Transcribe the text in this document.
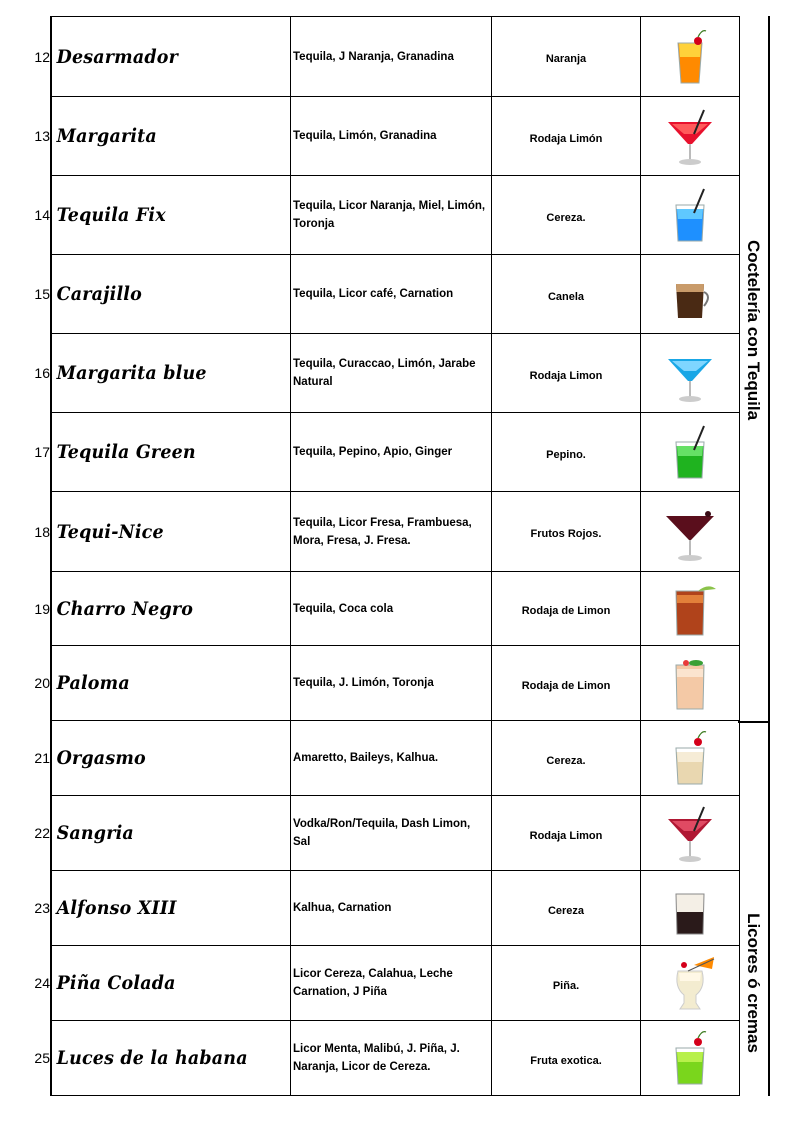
12 Desarmador	Tequila, J Naranja, Granadina	Naranja	

13 Margarita	Tequila, Limón, Granadina	Rodaja Limón	

14 Tequila Fix	Tequila, Licor Naranja, Miel, Limón, Toronja	Cereza.	

15 Carajillo	Tequila, Licor café, Carnation	Canela	

16 Margarita blue	Tequila, Curaccao, Limón, Jarabe Natural	Rodaja Limon	

17 Tequila Green	Tequila, Pepino, Apio, Ginger	Pepino.	

18 Tequi-Nice	Tequila, Licor Fresa, Frambuesa, Mora, Fresa, J. Fresa.	Frutos Rojos.	

19 Charro Negro	Tequila, Coca cola	Rodaja de Limon	

20 Paloma	Tequila, J. Limón, Toronja	Rodaja de Limon	

21 Orgasmo	Amaretto, Baileys, Kalhua.	Cereza.	

22 Sangria	Vodka/Ron/Tequila, Dash Limon, Sal	Rodaja Limon	

23 Alfonso XIII	Kalhua, Carnation	Cereza	

24 Piña Colada	Licor Cereza, Calahua, Leche Carnation, J Piña	Piña.	

25 Luces de la habana	Licor Menta, Malibú, J. Piña, J. Naranja, Licor de Cereza.	Fruta exotica.	
Coctelería con Tequila
Licores ó cremas
